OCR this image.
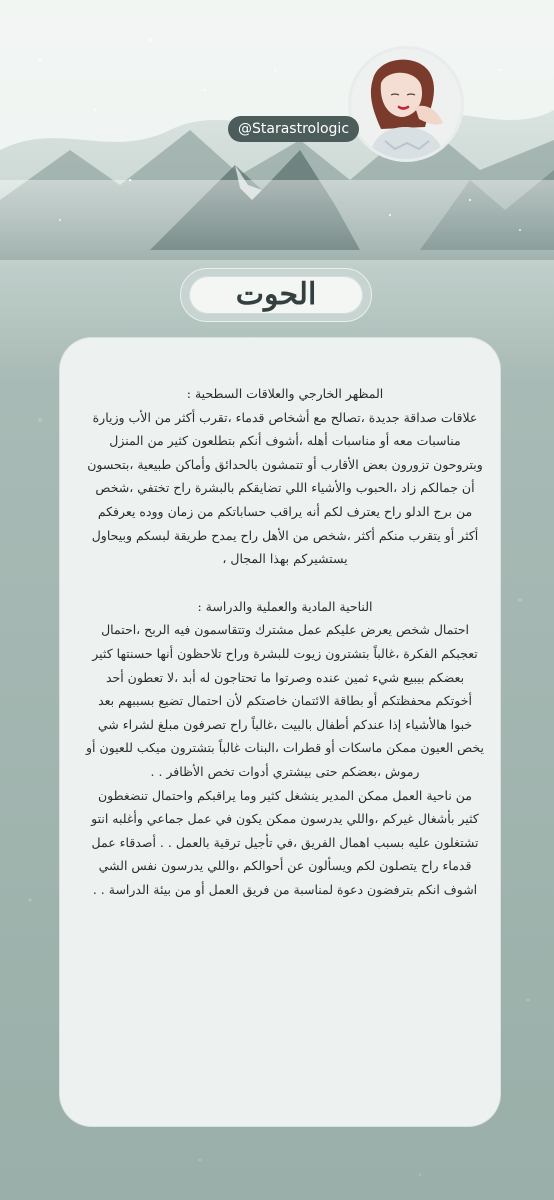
@Starastrologic
الحوت
المظهر الخارجي والعلاقات السطحية :

علاقات صداقة جديدة ،تصالح مع أشخاص قدماء ،تقرب أكثر من الأب وزيارة مناسبات معه أو مناسبات أهله ،أشوف أنكم بتطلعون كثير من المنزل وبتروحون تزورون بعض الأقارب أو تتمشون بالحدائق وأماكن طبيعية ،بتحسون أن جمالكم زاد ،الحبوب والأشياء اللي تضايقكم بالبشرة راح تختفي ،شخص من برج الدلو راح يعترف لكم أنه يراقب حساباتكم من زمان ووده يعرفكم أكثر أو يتقرب منكم أكثر ،شخص من الأهل راح يمدح طريقة لبسكم وبيحاول يستشيركم بهذا المجال ،

الناحية المادية والعملية والدراسة :

احتمال شخص يعرض عليكم عمل مشترك وتتقاسمون فيه الربح ،احتمال تعجبكم الفكرة ،غالباً بتشترون زيوت للبشرة وراح تلاحظون أنها حسنتها كثير بعضكم بيبيع شيء ثمين عنده وصرتوا ما تحتاجون له أبد ،لا تعطون أحد أخوتكم محفظتكم أو بطاقة الائتمان خاصتكم لأن احتمال تضيع بسببهم بعد خبوا هالأشياء إذا عندكم أطفال بالبيت ،غالباً راح تصرفون مبلغ لشراء شي يخص العيون ممكن ماسكات أو قطرات ،البنات غالباً بتشترون ميكب للعيون أو رموش ،بعضكم حتى بيشتري أدوات تخص الأظافر . .

من ناحية العمل ممكن المدير ينشغل كثير وما يراقبكم واحتمال تنضغطون كثير بأشغال غيركم ،واللي يدرسون ممكن يكون في عمل جماعي وأغلبه انتو تشتغلون عليه بسبب اهمال الفريق ،في تأجيل ترقية بالعمل . . أصدقاء عمل قدماء راح يتصلون لكم ويسألون عن أحوالكم ،واللي يدرسون نفس الشي اشوف انكم بترفضون دعوة لمناسبة من فريق العمل أو من بيئة الدراسة . .
